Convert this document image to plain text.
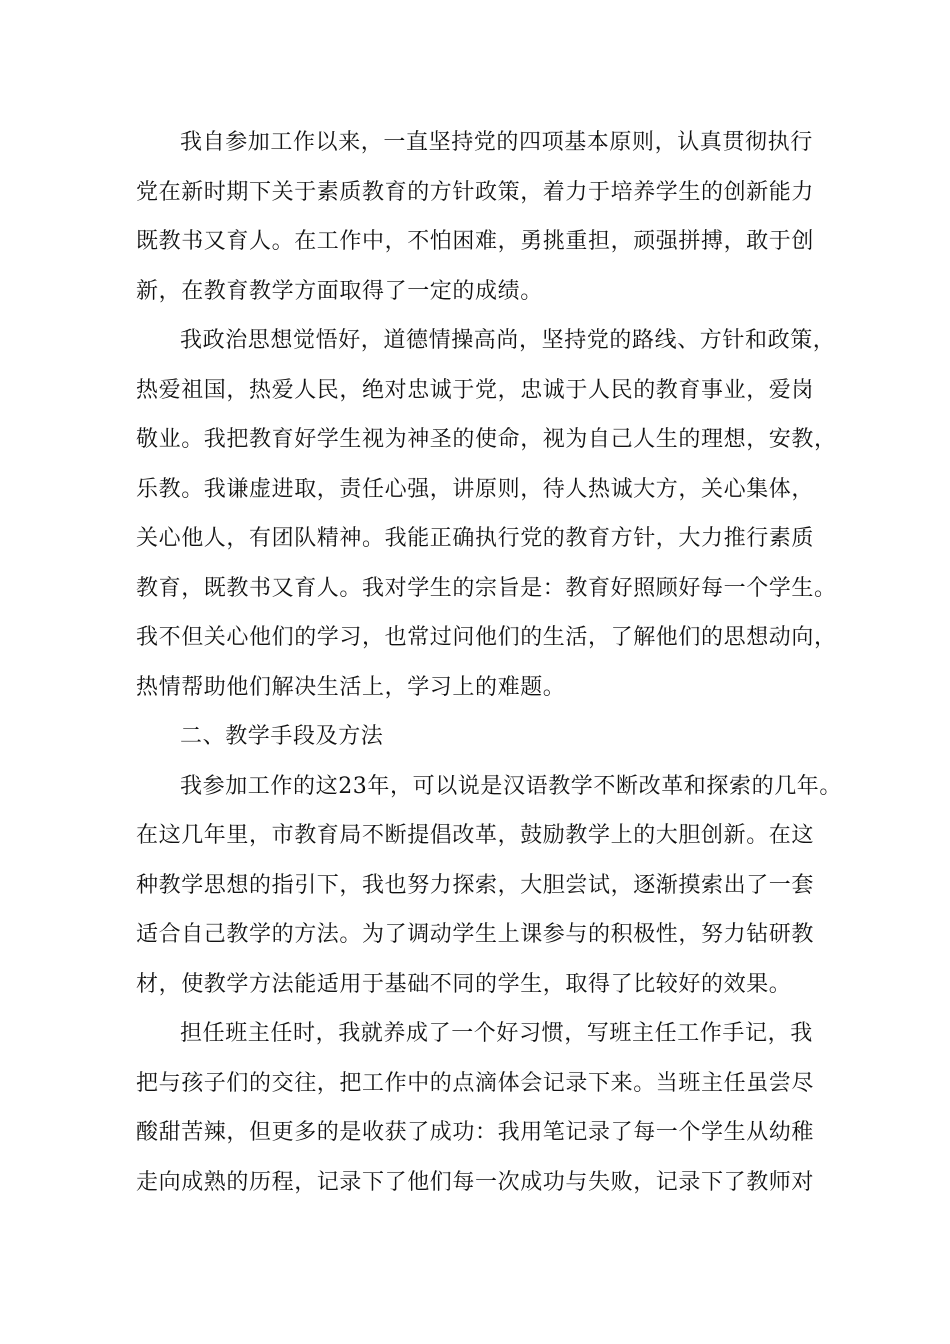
我自参加工作以来，一直坚持党的四项基本原则，认真贯彻执行
党在新时期下关于素质教育的方针政策，着力于培养学生的创新能力
既教书又育人。在工作中，不怕困难，勇挑重担，顽强拼搏，敢于创
新，在教育教学方面取得了一定的成绩。
我政治思想觉悟好，道德情操高尚，坚持党的路线、方针和政策，
热爱祖国，热爱人民，绝对忠诚于党，忠诚于人民的教育事业，爱岗
敬业。我把教育好学生视为神圣的使命，视为自己人生的理想，安教，
乐教。我谦虚进取，责任心强，讲原则，待人热诚大方，关心集体，
关心他人，有团队精神。我能正确执行党的教育方针，大力推行素质
教育，既教书又育人。我对学生的宗旨是：教育好照顾好每一个学生。
我不但关心他们的学习，也常过问他们的生活，了解他们的思想动向，
热情帮助他们解决生活上，学习上的难题。
二、教学手段及方法
我参加工作的这23年，可以说是汉语教学不断改革和探索的几年。
在这几年里，市教育局不断提倡改革，鼓励教学上的大胆创新。在这
种教学思想的指引下，我也努力探索，大胆尝试，逐渐摸索出了一套
适合自己教学的方法。为了调动学生上课参与的积极性，努力钻研教
材，使教学方法能适用于基础不同的学生，取得了比较好的效果。
担任班主任时，我就养成了一个好习惯，写班主任工作手记，我
把与孩子们的交往，把工作中的点滴体会记录下来。当班主任虽尝尽
酸甜苦辣，但更多的是收获了成功：我用笔记录了每一个学生从幼稚
走向成熟的历程，记录下了他们每一次成功与失败，记录下了教师对
